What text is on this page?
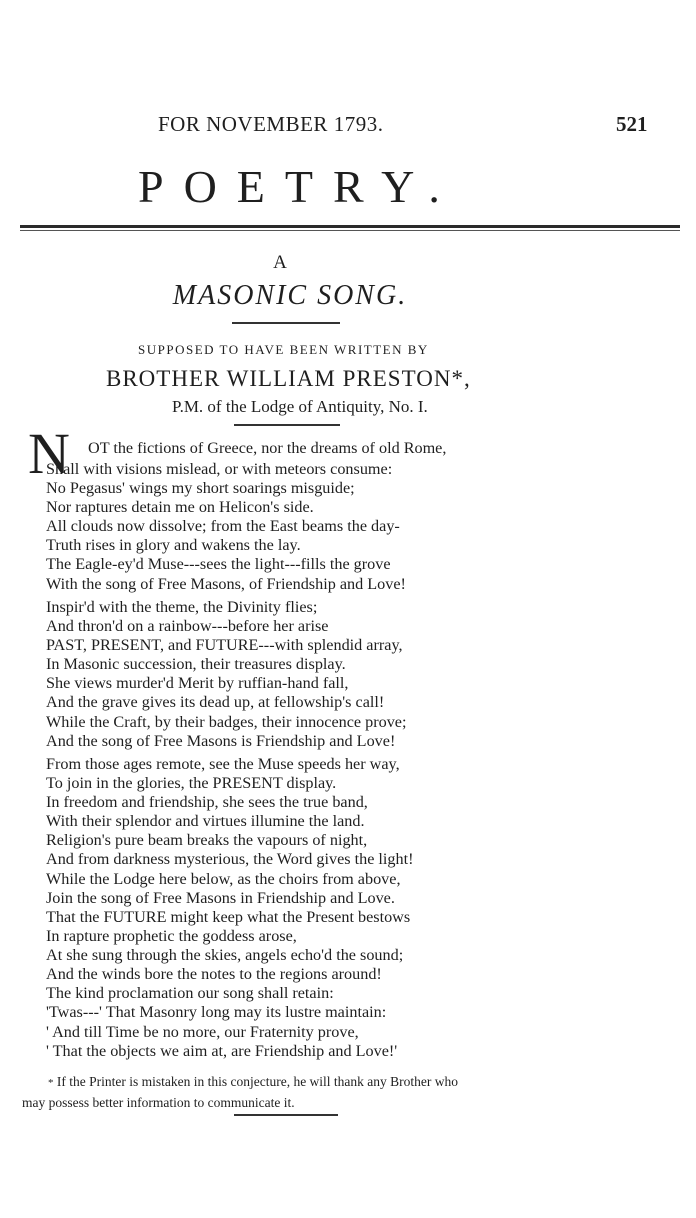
FOR NOVEMBER 1793.	521
POETRY.
A
MASONIC SONG.
SUPPOSED TO HAVE BEEN WRITTEN BY
BROTHER WILLIAM PRESTON*,
P.M. of the Lodge of Antiquity, No. I.
N OT the fictions of Greece, nor the dreams of old Rome,
Shall with visions mislead, or with meteors consume:
No Pegasus' wings my short soarings misguide;
Nor raptures detain me on Helicon's side.
All clouds now dissolve; from the East beams the day-
Truth rises in glory and wakens the lay.
The Eagle-ey'd Muse---sees the light---fills the grove
With the song of Free Masons, of Friendship and Love!
Inspir'd with the theme, the Divinity flies;
And thron'd on a rainbow---before her arise
PAST, PRESENT, and FUTURE---with splendid array,
In Masonic succession, their treasures display.
She views murder'd Merit by ruffian-hand fall,
And the grave gives its dead up, at fellowship's call!
While the Craft, by their badges, their innocence prove;
And the song of Free Masons is Friendship and Love!
From those ages remote, see the Muse speeds her way,
To join in the glories, the PRESENT display.
In freedom and friendship, she sees the true band,
With their splendor and virtues illumine the land.
Religion's pure beam breaks the vapours of night,
And from darkness mysterious, the Word gives the light!
While the Lodge here below, as the choirs from above,
Join the song of Free Masons in Friendship and Love.
That the FUTURE might keep what the Present bestows
In rapture prophetic the goddess arose,
At she sung through the skies, angels echo'd the sound;
And the winds bore the notes to the regions around!
The kind proclamation our song shall retain:
'Twas---' That Masonry long may its lustre maintain:
' And till Time be no more, our Fraternity prove,
' That the objects we aim at, are Friendship and Love!'
* If the Printer is mistaken in this conjecture, he will thank any Brother who
may possess better information to communicate it.
